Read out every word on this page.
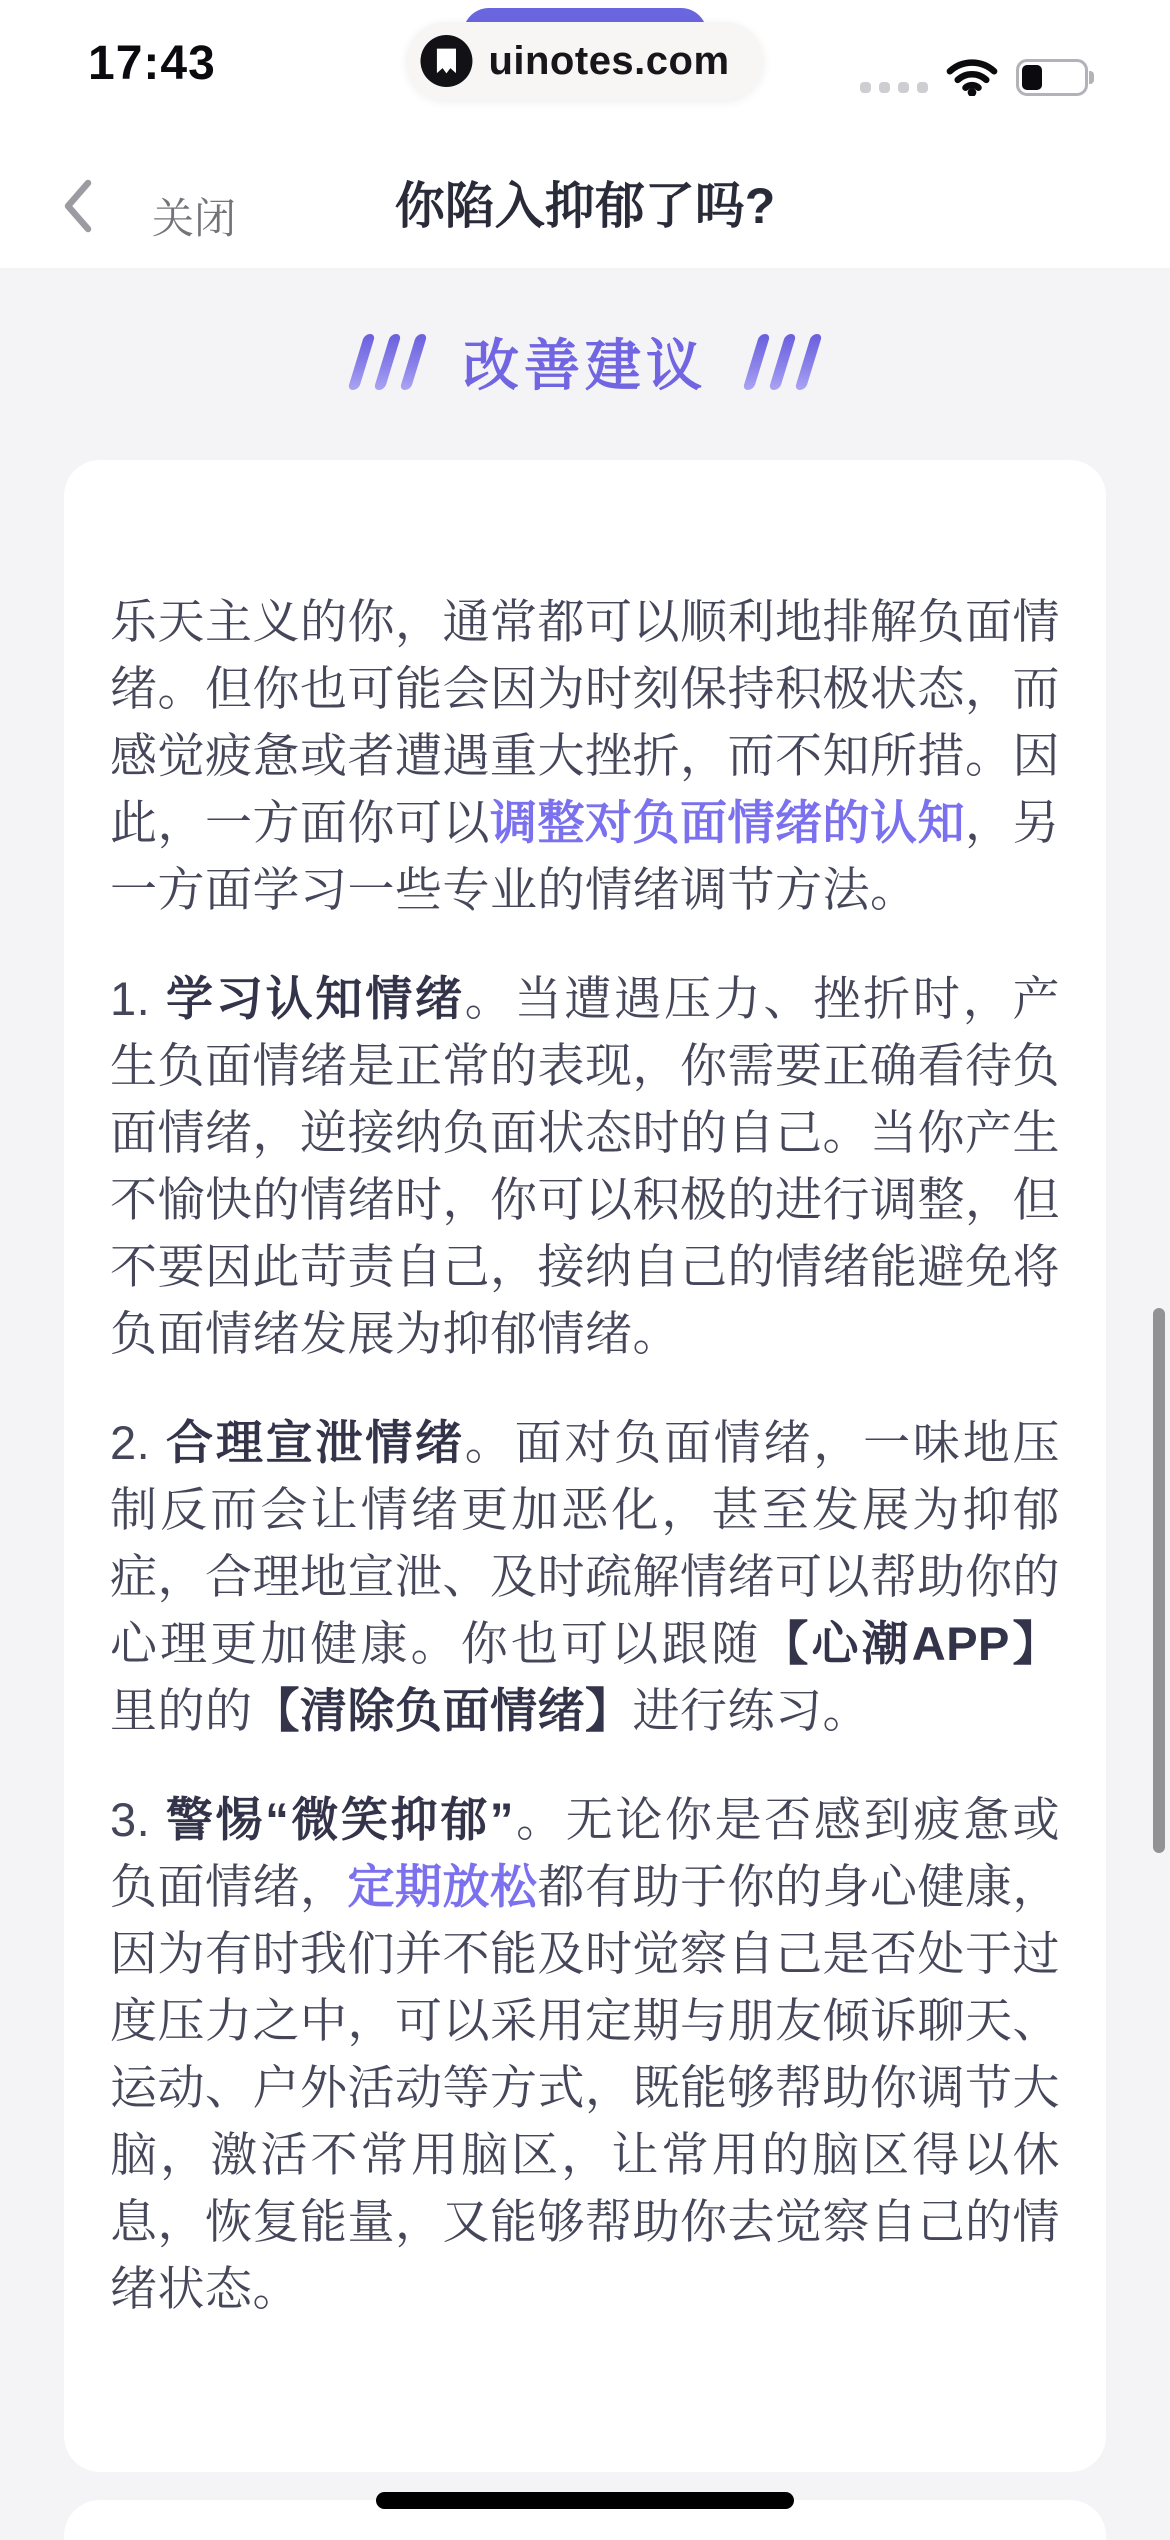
17:43	uinotes.com
关闭	你陷入抑郁了吗?
改善建议

乐天主义的你，通常都可以顺利地排解负面情绪。但你也可能会因为时刻保持积极状态，而感觉疲惫或者遭遇重大挫折，而不知所措。因此，一方面你可以调整对负面情绪的认知，另一方面学习一些专业的情绪调节方法。

1. 学习认知情绪。当遭遇压力、挫折时，产生负面情绪是正常的表现，你需要正确看待负面情绪，逆接纳负面状态时的自己。当你产生不愉快的情绪时，你可以积极的进行调整，但不要因此苛责自己，接纳自己的情绪能避免将负面情绪发展为抑郁情绪。

2. 合理宣泄情绪。面对负面情绪，一味地压制反而会让情绪更加恶化，甚至发展为抑郁症，合理地宣泄、及时疏解情绪可以帮助你的心理更加健康。你也可以跟随【心潮APP】里的的【清除负面情绪】进行练习。

3. 警惕“微笑抑郁”。无论你是否感到疲惫或负面情绪，定期放松都有助于你的身心健康，因为有时我们并不能及时觉察自己是否处于过度压力之中，可以采用定期与朋友倾诉聊天、运动、户外活动等方式，既能够帮助你调节大脑，激活不常用脑区，让常用的脑区得以休息，恢复能量，又能够帮助你去觉察自己的情绪状态。
